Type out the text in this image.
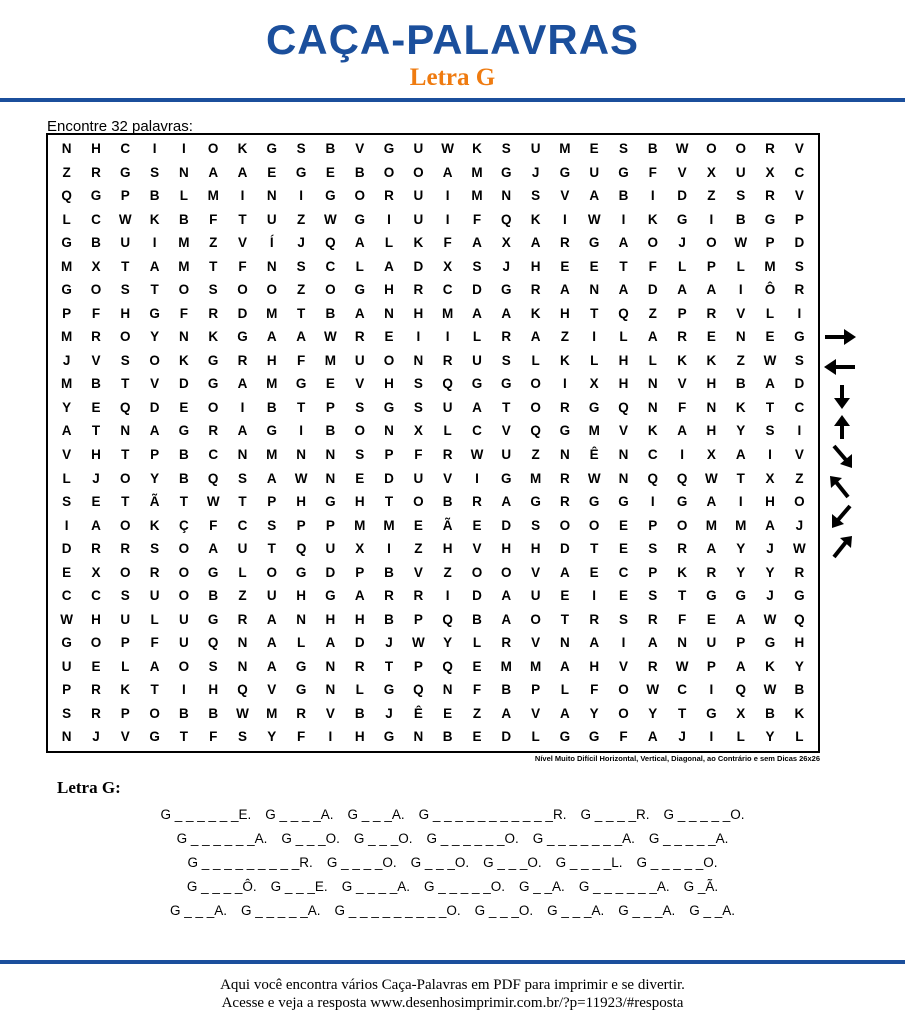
CAÇA-PALAVRAS
Letra G
Encontre 32 palavras:
N	H	C	I	I	O	K	G	S	B	V	G	U	W	K	S	U	M	E	S	B	W	O	O	R	V
Z	R	G	S	N	A	A	E	G	E	B	O	O	A	M	G	J	G	U	G	F	V	X	U	X	C
Q	G	P	B	L	M	I	N	I	G	O	R	U	I	M	N	S	V	A	B	I	D	Z	S	R	V
L	C	W	K	B	F	T	U	Z	W	G	I	U	I	F	Q	K	I	W	I	K	G	I	B	G	P
G	B	U	I	M	Z	V	Í	J	Q	A	L	K	F	A	X	A	R	G	A	O	J	O	W	P	D
M	X	T	A	M	T	F	N	S	C	L	A	D	X	S	J	H	E	E	T	F	L	P	L	M	S
G	O	S	T	O	S	O	O	Z	O	G	H	R	C	D	G	R	A	N	A	D	A	A	I	Ô	R
P	F	H	G	F	R	D	M	T	B	A	N	H	M	A	A	K	H	T	Q	Z	P	R	V	L	I
M	R	O	Y	N	K	G	A	A	W	R	E	I	I	L	R	A	Z	I	L	A	R	E	N	E	G
J	V	S	O	K	G	R	H	F	M	U	O	N	R	U	S	L	K	L	H	L	K	K	Z	W	S
M	B	T	V	D	G	A	M	G	E	V	H	S	Q	G	G	O	I	X	H	N	V	H	B	A	D
Y	E	Q	D	E	O	I	B	T	P	S	G	S	U	A	T	O	R	G	Q	N	F	N	K	T	C
A	T	N	A	G	R	A	G	I	B	O	N	X	L	C	V	Q	G	M	V	K	A	H	Y	S	I
V	H	T	P	B	C	N	M	N	N	S	P	F	R	W	U	Z	N	Ê	N	C	I	X	A	I	V
L	J	O	Y	B	Q	S	A	W	N	E	D	U	V	I	G	M	R	W	N	Q	Q	W	T	X	Z
S	E	T	Ã	T	W	T	P	H	G	H	T	O	B	R	A	G	R	G	G	I	G	A	I	H	O
I	A	O	K	Ç	F	C	S	P	P	M	M	E	Ã	E	D	S	O	O	E	P	O	M	M	A	J
D	R	R	S	O	A	U	T	Q	U	X	I	Z	H	V	H	H	D	T	E	S	R	A	Y	J	W
E	X	O	R	O	G	L	O	G	D	P	B	V	Z	O	O	V	A	E	C	P	K	R	Y	Y	R
C	C	S	U	O	B	Z	U	H	G	A	R	R	I	D	A	U	E	I	E	S	T	G	G	J	G
W	H	U	L	U	G	R	A	N	H	H	B	P	Q	B	A	O	T	R	S	R	F	E	A	W	Q
G	O	P	F	U	Q	N	A	L	A	D	J	W	Y	L	R	V	N	A	I	A	N	U	P	G	H
U	E	L	A	O	S	N	A	G	N	R	T	P	Q	E	M	M	A	H	V	R	W	P	A	K	Y
P	R	K	T	I	H	Q	V	G	N	L	G	Q	N	F	B	P	L	F	O	W	C	I	Q	W	B
S	R	P	O	B	B	W	M	R	V	B	J	Ê	E	Z	A	V	A	Y	O	Y	T	G	X	B	K
N	J	V	G	T	F	S	Y	F	I	H	G	N	B	E	D	L	G	G	F	A	J	I	L	Y	L
Nível Muito Difícil Horizontal, Vertical, Diagonal, ao Contrário e sem Dicas 26x26
Letra G:
G _ _ _ _ _ _E. G _ _ _ _A. G _ _ _A. G _ _ _ _ _ _ _ _ _ _ _R. G _ _ _ _R. G _ _ _ _ _O.
G _ _ _ _ _ _A. G _ _ _O. G _ _ _O. G _ _ _ _ _ _O. G _ _ _ _ _ _ _A. G _ _ _ _ _A.
G _ _ _ _ _ _ _ _ _R. G _ _ _ _O. G _ _ _O. G _ _ _O. G _ _ _ _L. G _ _ _ _ _O.
G _ _ _ _Ô. G _ _ _E. G _ _ _ _A. G _ _ _ _ _O. G _ _A. G _ _ _ _ _ _A. G _Ã.
G _ _ _A. G _ _ _ _ _A. G _ _ _ _ _ _ _ _ _O. G _ _ _O. G _ _ _A. G _ _ _A. G _ _A.
Aqui você encontra vários Caça-Palavras em PDF para imprimir e se divertir.
Acesse e veja a resposta www.desenhosimprimir.com.br/?p=11923/#resposta
